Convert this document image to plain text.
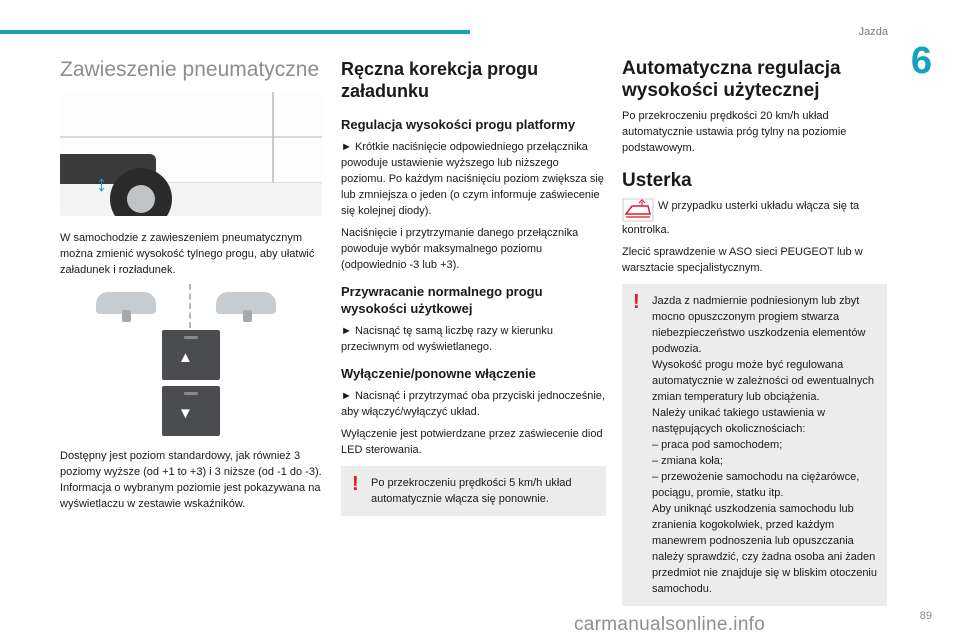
Jazda
6
Zawieszenie pneumatyczne
↕

W samochodzie z zawieszeniem pneumatycznym można zmienić wysokość tylnego progu, aby ułatwić załadunek i rozładunek.

▲
▼

Dostępny jest poziom standardowy, jak również 3 poziomy wyższe (od +1 to +3) i 3 niższe (od -1 do -3). Informacja o wybranym poziomie jest pokazywana na wyświetlaczu w zestawie wskaźników.

Ręczna korekcja progu załadunku
Regulacja wysokości progu platformy

► Krótkie naciśnięcie odpowiedniego przełącznika powoduje ustawienie wyższego lub niższego poziomu. Po każdym naciśnięciu poziom zwiększa się lub zmniejsza o jeden (o czym informuje zaświecenie się kolejnej diody).

Naciśnięcie i przytrzymanie danego przełącznika powoduje wybór maksymalnego poziomu (odpowiednio -3 lub +3).

Przywracanie normalnego progu wysokości użytkowej

► Nacisnąć tę samą liczbę razy w kierunku przeciwnym od wyświetlanego.

Wyłączenie/ponowne włączenie

► Nacisnąć i przytrzymać oba przyciski jednocześnie, aby włączyć/wyłączyć układ.

Wyłączenie jest potwierdzane przez zaświecenie diod LED sterowania.

! Po przekroczeniu prędkości 5 km/h układ automatycznie włącza się ponownie.

Automatyczna regulacja wysokości użytecznej

Po przekroczeniu prędkości 20 km/h układ automatycznie ustawia próg tylny na poziomie podstawowym.

Usterka

W przypadku usterki układu włącza się ta kontrolka.

Zlecić sprawdzenie w ASO sieci PEUGEOT lub w warsztacie specjalistycznym.

! Jazda z nadmiernie podniesionym lub zbyt mocno opuszczonym progiem stwarza niebezpieczeństwo uszkodzenia elementów podwozia.

Wysokość progu może być regulowana automatycznie w zależności od ewentualnych zmian temperatury lub obciążenia.

Należy unikać takiego ustawienia w następujących okolicznościach:

– praca pod samochodem;

– zmiana koła;

– przewożenie samochodu na ciężarówce, pociągu, promie, statku itp.

Aby uniknąć uszkodzenia samochodu lub zranienia kogokolwiek, przed każdym manewrem podnoszenia lub opuszczania należy sprawdzić, czy żadna osoba ani żaden przedmiot nie znajduje się w bliskim otoczeniu samochodu.

carmanualsonline.info	89
